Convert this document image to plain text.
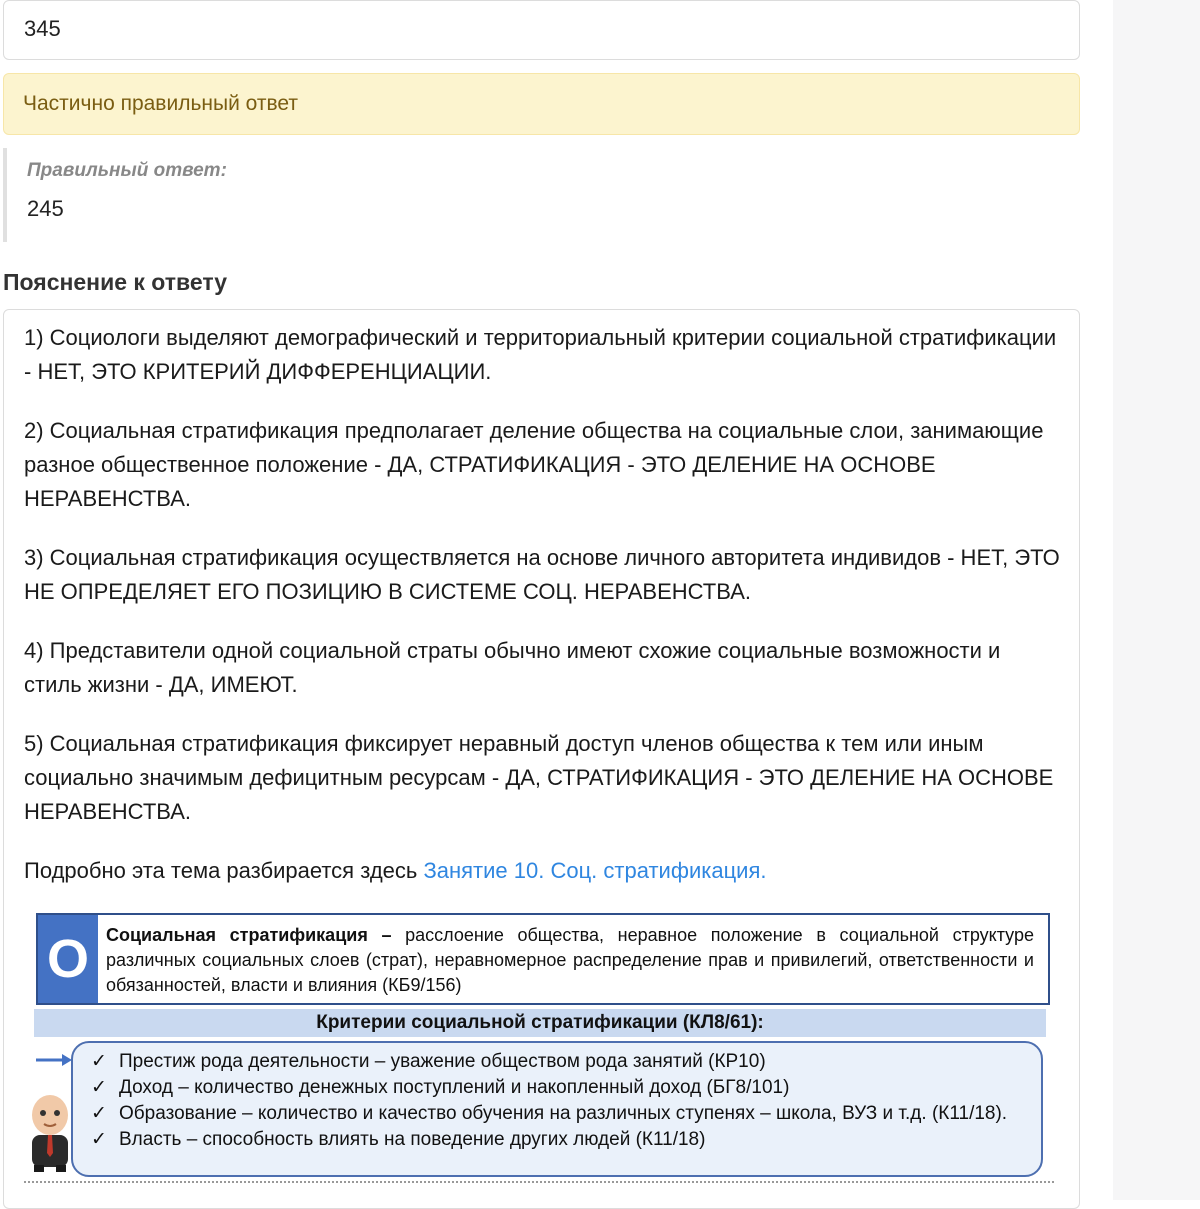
345
Частично правильный ответ
Правильный ответ:
245
Пояснение к ответу

1) Социологи выделяют демографический и территориальный критерии социальной стратификации - НЕТ, ЭТО КРИТЕРИЙ ДИФФЕРЕНЦИАЦИИ.

2) Социальная стратификация предполагает деление общества на социальные слои, занимающие разное общественное положение - ДА, СТРАТИФИКАЦИЯ - ЭТО ДЕЛЕНИЕ НА ОСНОВЕ НЕРАВЕНСТВА.

3) Социальная стратификация осуществляется на основе личного авторитета индивидов - НЕТ, ЭТО НЕ ОПРЕДЕЛЯЕТ ЕГО ПОЗИЦИЮ В СИСТЕМЕ СОЦ. НЕРАВЕНСТВА.

4) Представители одной социальной страты обычно имеют схожие социальные возможности и стиль жизни - ДА, ИМЕЮТ.

5) Социальная стратификация фиксирует неравный доступ членов общества к тем или иным социально значимым дефицитным ресурсам - ДА, СТРАТИФИКАЦИЯ - ЭТО ДЕЛЕНИЕ НА ОСНОВЕ НЕРАВЕНСТВА.

Подробно эта тема разбирается здесь Занятие 10. Соц. стратификация.

О Социальная стратификация – расслоение общества, неравное положение в социальной структуре различных социальных слоев (страт), неравномерное распределение прав и привилегий, ответственности и обязанностей, власти и влияния (КБ9/156)
Критерии социальной стратификации (КЛ8/61):
✓ Престиж рода деятельности – уважение обществом рода занятий (КР10)
✓ Доход – количество денежных поступлений и накопленный доход (БГ8/101)
✓ Образование – количество и качество обучения на различных ступенях – школа, ВУЗ и т.д. (К11/18).
✓ Власть – способность влиять на поведение других людей (К11/18)
